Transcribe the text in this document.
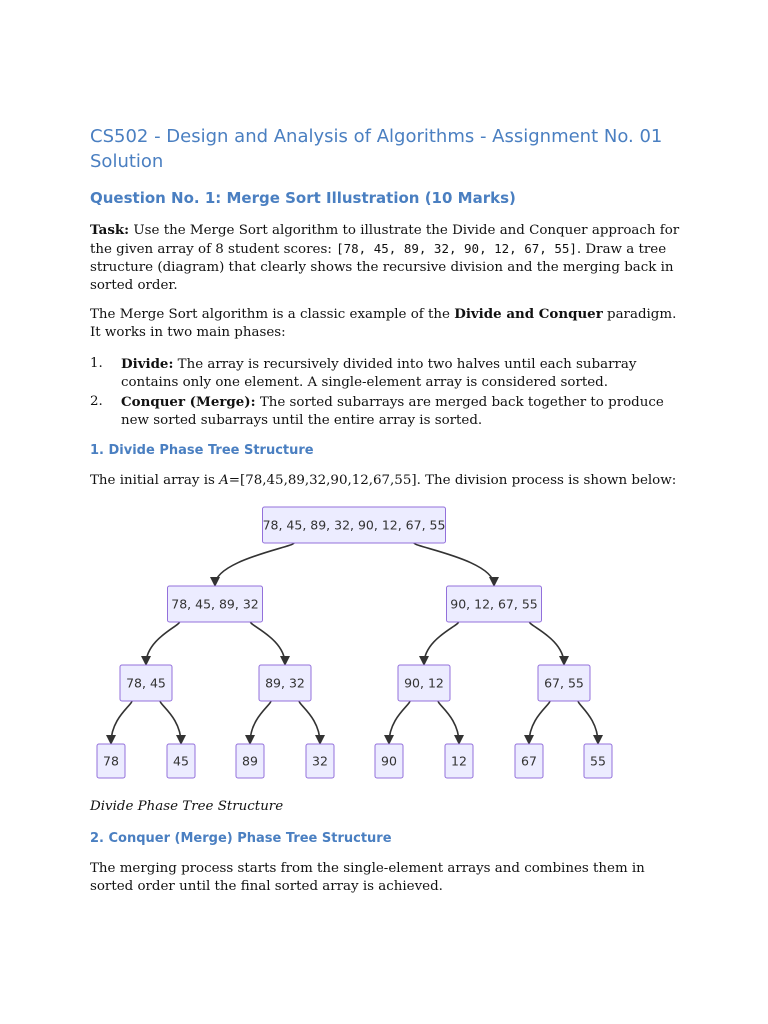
CS502 - Design and Analysis of Algorithms - Assignment No. 01 Solution
Question No. 1: Merge Sort Illustration (10 Marks)

Task: Use the Merge Sort algorithm to illustrate the Divide and Conquer approach for the given array of 8 student scores: [78, 45, 89, 32, 90, 12, 67, 55]. Draw a tree structure (diagram) that clearly shows the recursive division and the merging back in sorted order.

The Merge Sort algorithm is a classic example of the Divide and Conquer paradigm. It works in two main phases:

1. Divide: The array is recursively divided into two halves until each subarray contains only one element. A single-element array is considered sorted.
2. Conquer (Merge): The sorted subarrays are merged back together to produce new sorted subarrays until the entire array is sorted.
1. Divide Phase Tree Structure

The initial array is A=[78,45,89,32,90,12,67,55]. The division process is shown below:

78, 45, 89, 32, 90, 12, 67, 55
78, 45, 89, 32	90, 12, 67, 55
78, 45	89, 32	90, 12	67, 55
78	45	89	32	90	12	67	55
Divide Phase Tree Structure
2. Conquer (Merge) Phase Tree Structure

The merging process starts from the single-element arrays and combines them in sorted order until the final sorted array is achieved.
